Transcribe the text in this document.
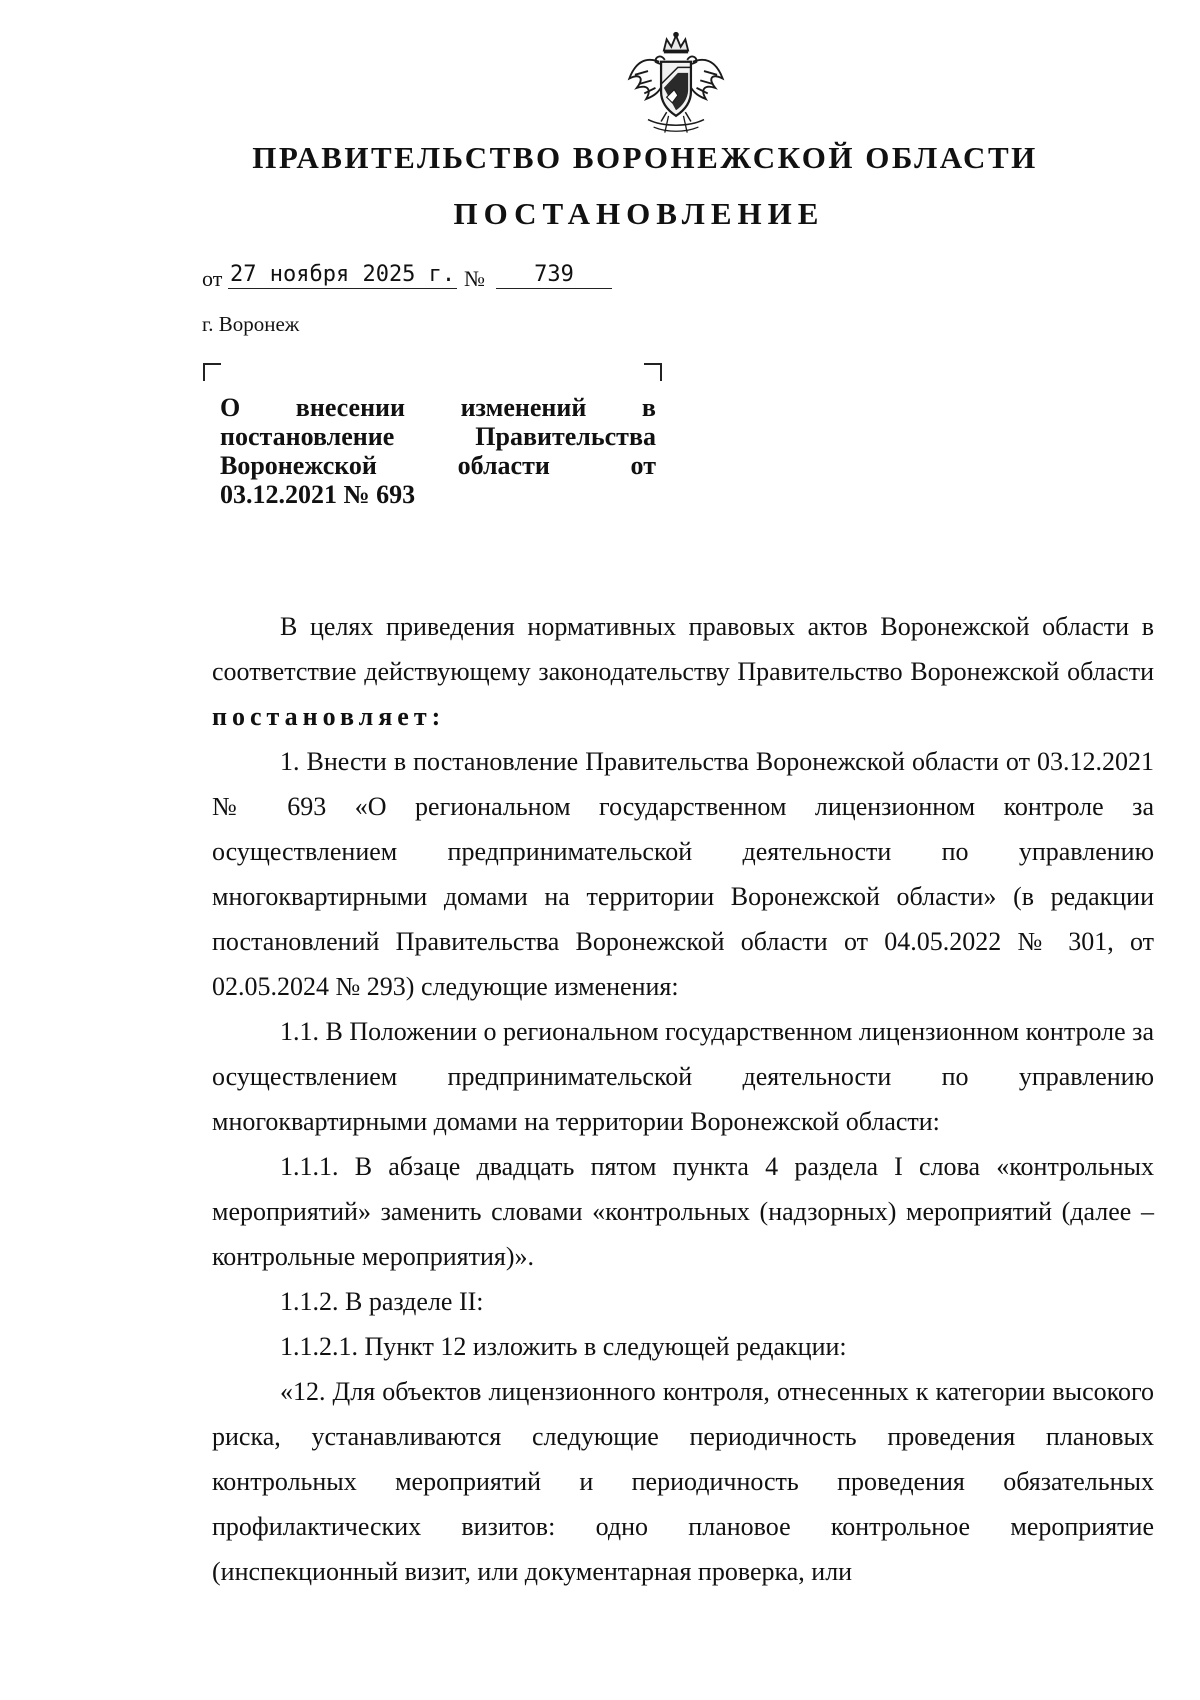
ПРАВИТЕЛЬСТВО ВОРОНЕЖСКОЙ ОБЛАСТИ
ПОСТАНОВЛЕНИЕ
от 27 ноября 2025 г. №	739
г. Воронеж
О внесении изменений в
постановление	Правительства
Воронежской	области	от
03.12.2021 № 693

В целях приведения нормативных правовых актов Воронежской области в соответствие действующему законодательству Правительство Воронежской области постановляет:

1. Внести в постановление Правительства Воронежской области от 03.12.2021 № 693 «О региональном государственном лицензионном контроле за осуществлением предпринимательской деятельности по управлению многоквартирными домами на территории Воронежской области» (в редакции постановлений Правительства Воронежской области от 04.05.2022 № 301, от 02.05.2024 № 293) следующие изменения:

1.1. В Положении о региональном государственном лицензионном контроле за осуществлением предпринимательской деятельности по управлению многоквартирными домами на территории Воронежской области:

1.1.1. В абзаце двадцать пятом пункта 4 раздела I слова «контрольных мероприятий» заменить словами «контрольных (надзорных) мероприятий (далее – контрольные мероприятия)».

1.1.2. В разделе II:

1.1.2.1. Пункт 12 изложить в следующей редакции:

«12. Для объектов лицензионного контроля, отнесенных к категории высокого риска, устанавливаются следующие периодичность проведения плановых контрольных мероприятий и периодичность проведения обязательных профилактических визитов: одно плановое контрольное мероприятие (инспекционный визит, или документарная проверка, или
